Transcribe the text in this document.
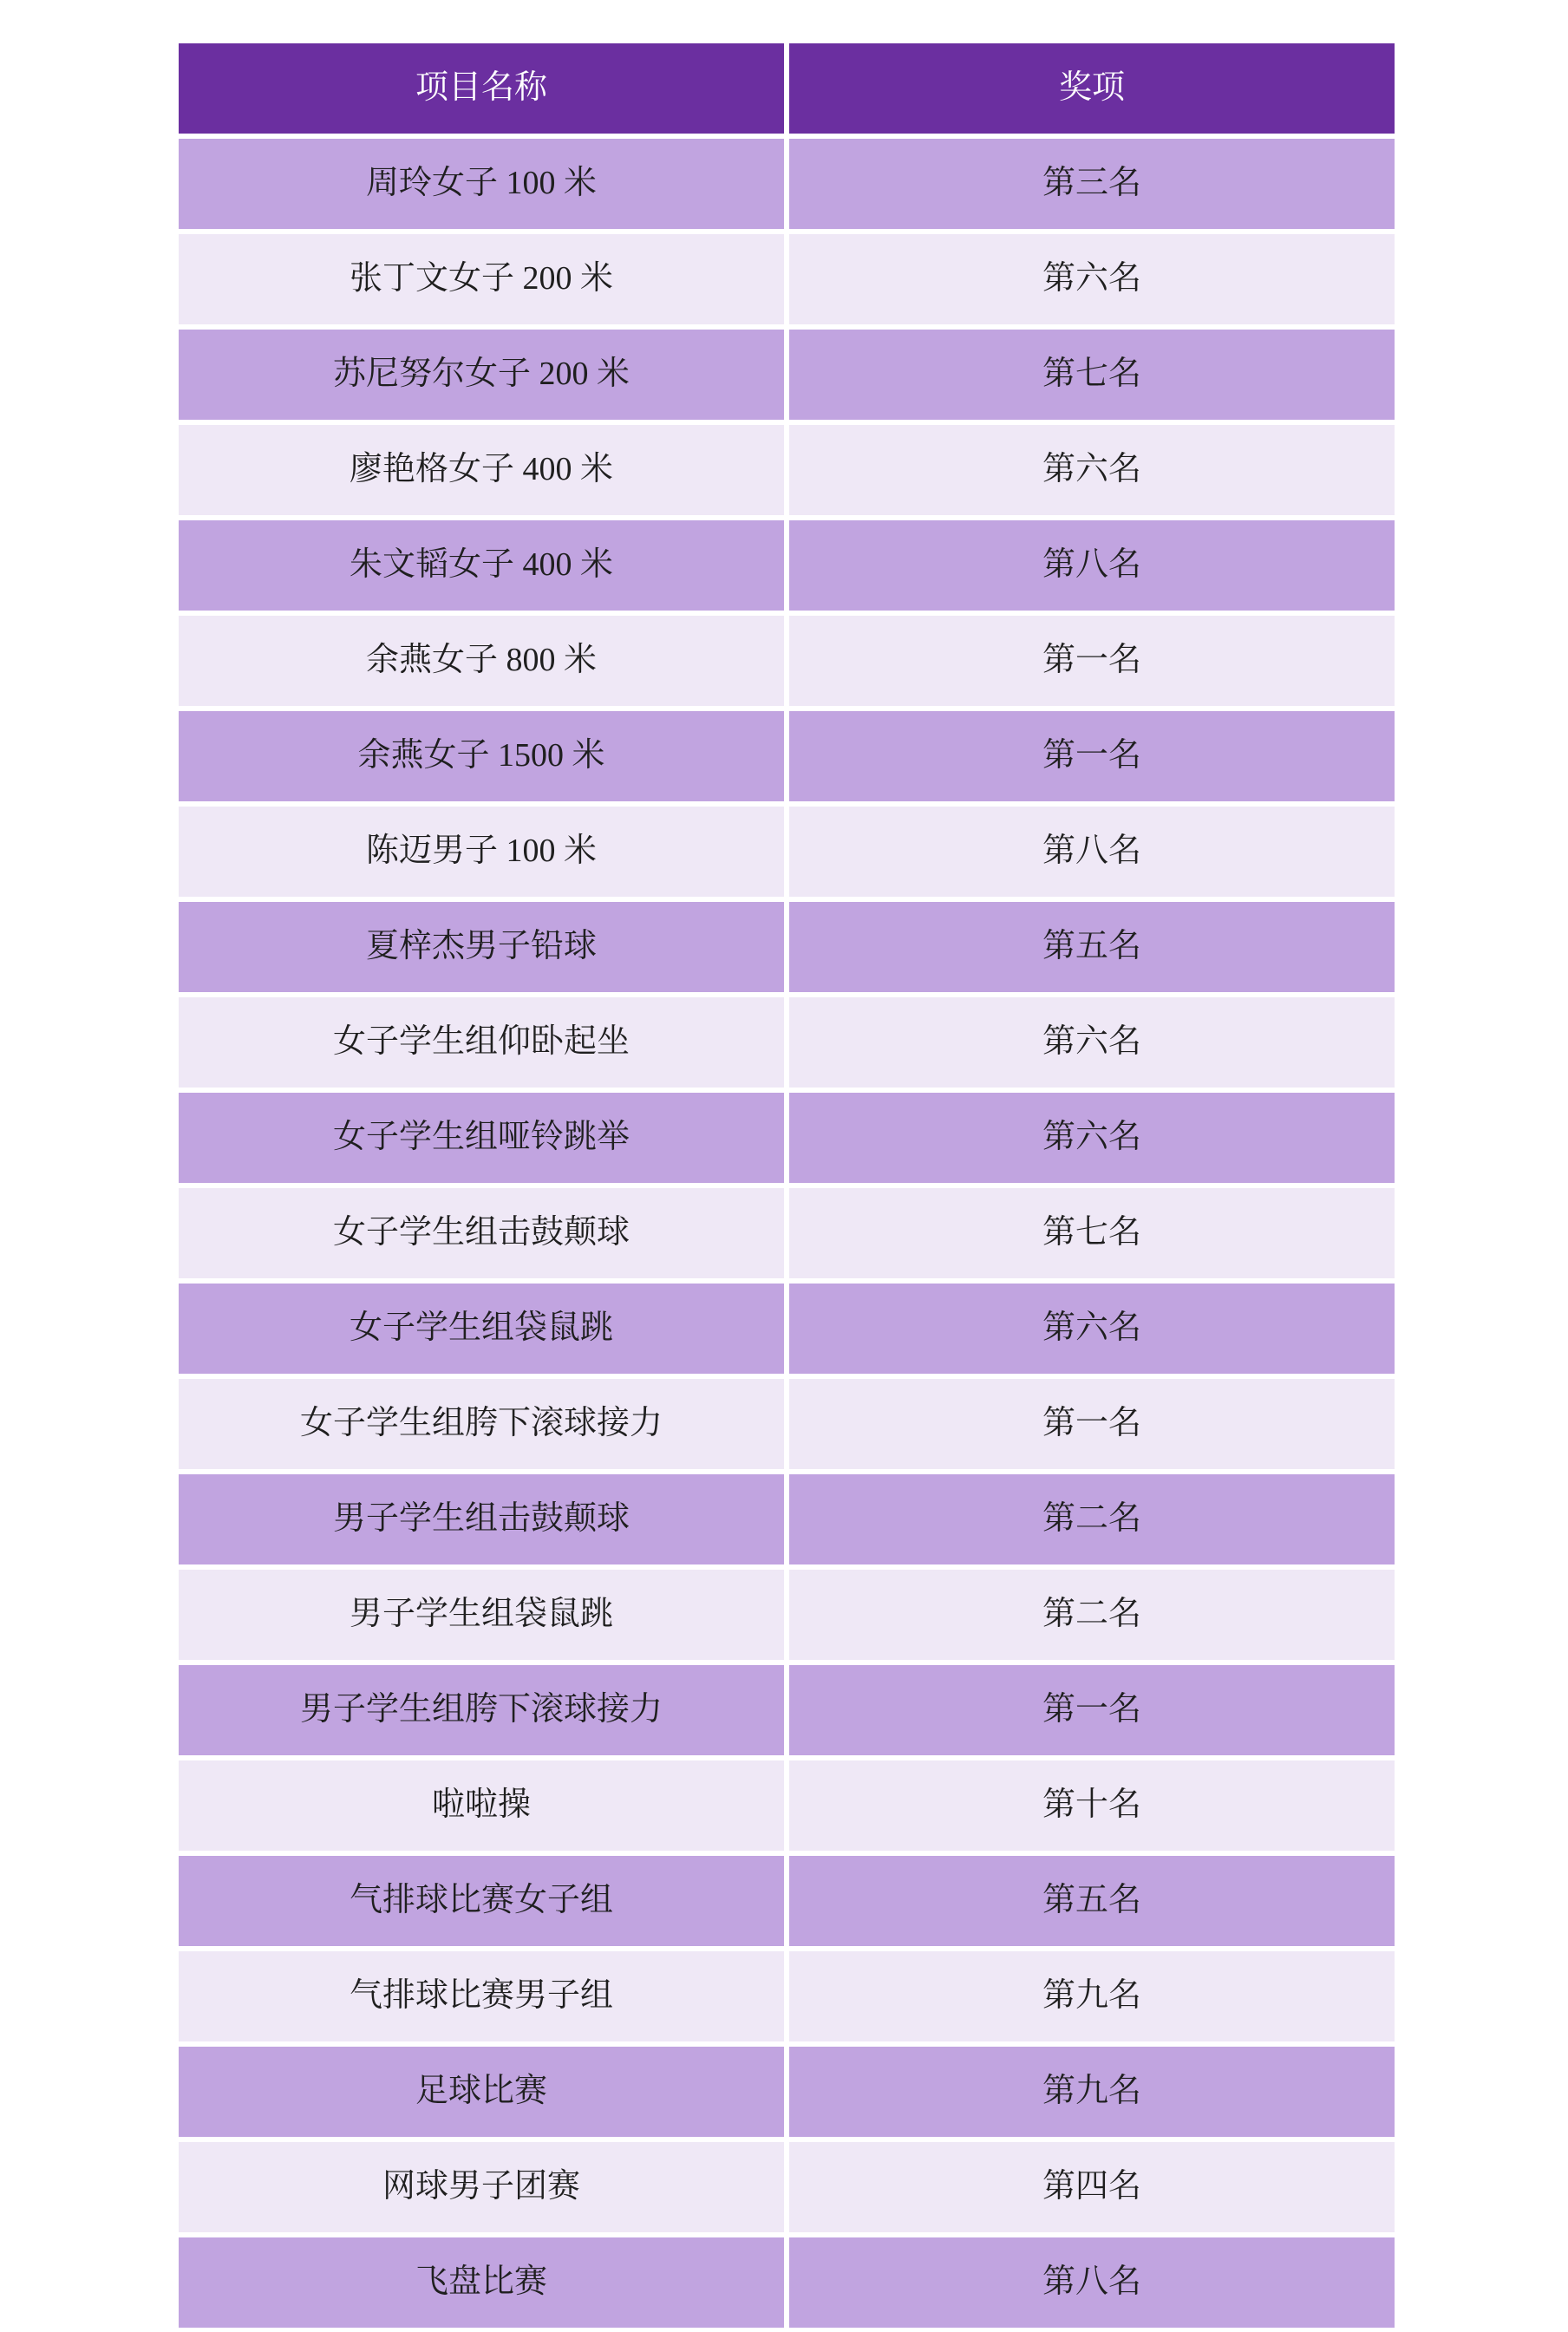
项目名称	奖项
周玲女子 100 米	第三名
张丁文女子 200 米	第六名
苏尼努尔女子 200 米	第七名
廖艳格女子 400 米	第六名
朱文韬女子 400 米	第八名
余燕女子 800 米	第一名
余燕女子 1500 米	第一名
陈迈男子 100 米	第八名
夏梓杰男子铅球	第五名
女子学生组仰卧起坐	第六名
女子学生组哑铃跳举	第六名
女子学生组击鼓颠球	第七名
女子学生组袋鼠跳	第六名
女子学生组胯下滚球接力	第一名
男子学生组击鼓颠球	第二名
男子学生组袋鼠跳	第二名
男子学生组胯下滚球接力	第一名
啦啦操	第十名
气排球比赛女子组	第五名
气排球比赛男子组	第九名
足球比赛	第九名
网球男子团赛	第四名
飞盘比赛	第八名
